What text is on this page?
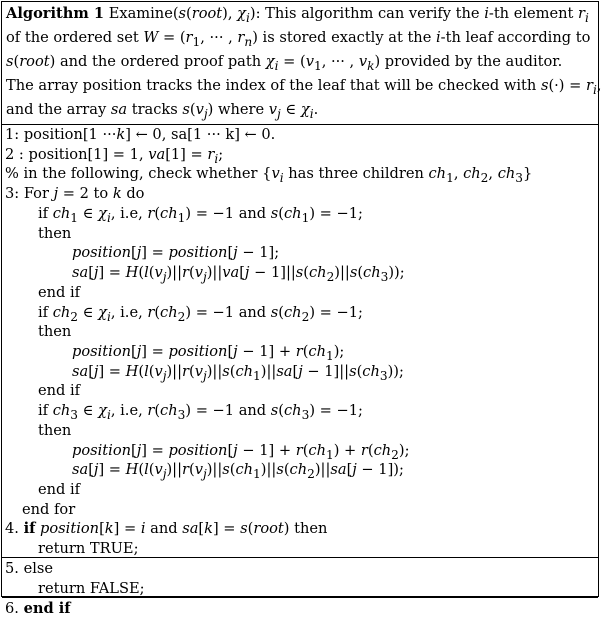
Algorithm 1 Examine(s(root), $\chi_i$): This algorithm can verify the i-th element $r_i$
of the ordered set $W = (r_1$, ··· , $r_n$) is stored exactly at the i-th leaf according to
s(root) and the ordered proof path $\chi_i = (v_1$, ··· , $v_k$) provided by the auditor.
The array position tracks the index of the leaf that will be checked with $s(\cdot) = r_i$,
and the array sa tracks $s(v_j)$ where $v_j$ ∈ $\chi_i$.
1: position[1 ···k] ← 0, sa[1 ··· k] ← 0.
2 : position[1] = 1, $va[1] = r_i$;
% in the following, check whether {$v_i$ has three children $ch_1$, $ch_2$, $ch_3$}
3: For j = 2 to k do
if $ch_1$ ∈ $\chi_i$, i.e, $r(ch_1) = -1$ and $s(ch_1) = -1$;
then
position[j] = position[j − 1];
$sa[j] = H(l(v_j)||r(v_j)||va[j - 1]||s(ch_2)||s(ch_3))$;
end if
if $ch_2$ ∈ $\chi_i$, i.e, $r(ch_2) = -1$ and $s(ch_2) = -1$;
then
position[j] = position[j − $1] + r(ch_1)$;
$sa[j] = H(l(v_j)||r(v_j)||s(ch_1)||sa[j - 1]||s(ch_3))$;
end if
if $ch_3$ ∈ $\chi_i$, i.e, $r(ch_3) = -1$ and $s(ch_3) = -1$;
then
position[j] = position[j − $1] + r(ch_1) + r(ch_2)$;
$sa[j] = H(l(v_j)||r(v_j)||s(ch_1)||s(ch_2)||sa[j - 1])$;
end if
end for
4. if position[k] = i and sa[k] = s(root) then
return TRUE;
5. else
return FALSE;
6. end if
